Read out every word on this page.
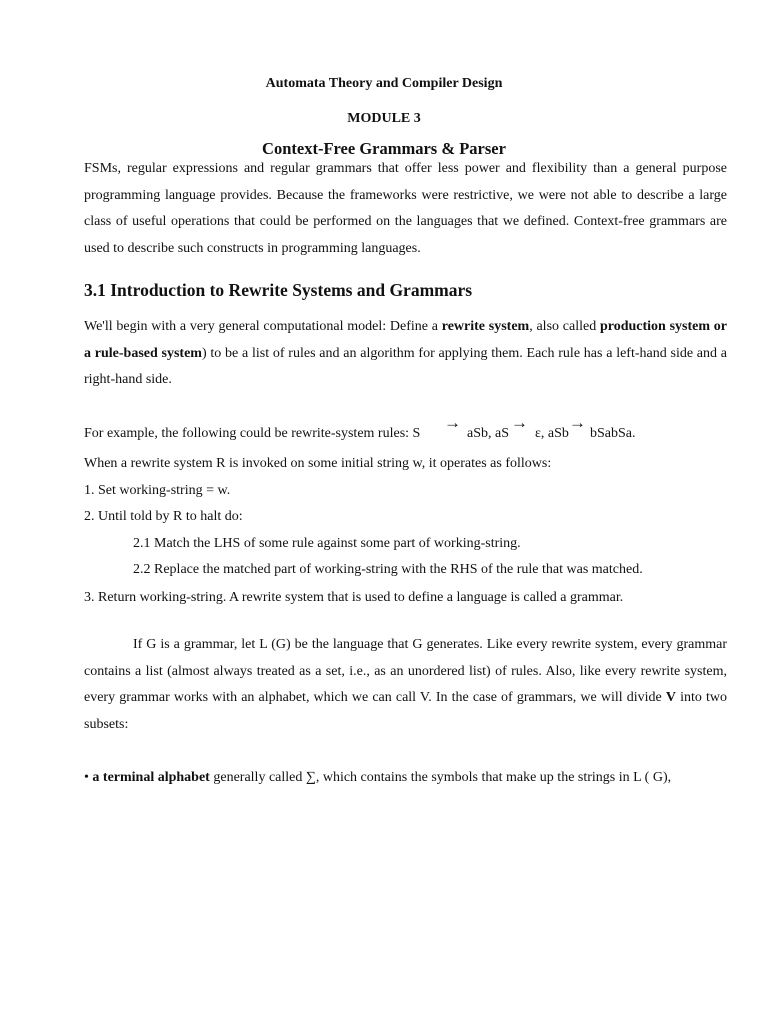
Automata Theory and Compiler Design
MODULE 3
Context-Free Grammars & Parser

FSMs, regular expressions and regular grammars that offer less power and flexibility than a general purpose programming language provides. Because the frameworks were restrictive, we were not able to describe a large class of useful operations that could be performed on the languages that we defined. Context-free grammars are used to describe such constructs in programming languages.

3.1 Introduction to Rewrite Systems and Grammars

We'll begin with a very general computational model: Define a rewrite system, also called production system or a rule-based system) to be a list of rules and an algorithm for applying them. Each rule has a left-hand side and a right-hand side.

For example, the following could be rewrite-system rules: S
→
aSb, aS
→
ε, aSb
→
bSabSa.
When a rewrite system R is invoked on some initial string w, it operates as follows:
1. Set working-string = w.
2. Until told by R to halt do:
2.1 Match the LHS of some rule against some part of working-string.
2.2 Replace the matched part of working-string with the RHS of the rule that was matched.
3. Return working-string. A rewrite system that is used to define a language is called a grammar.

If G is a grammar, let L (G) be the language that G generates. Like every rewrite system, every grammar contains a list (almost always treated as a set, i.e., as an unordered list) of rules. Also, like every rewrite system, every grammar works with an alphabet, which we can call V. In the case of grammars, we will divide V into two subsets:

• a terminal alphabet generally called ∑, which contains the symbols that make up the strings in L ( G),
